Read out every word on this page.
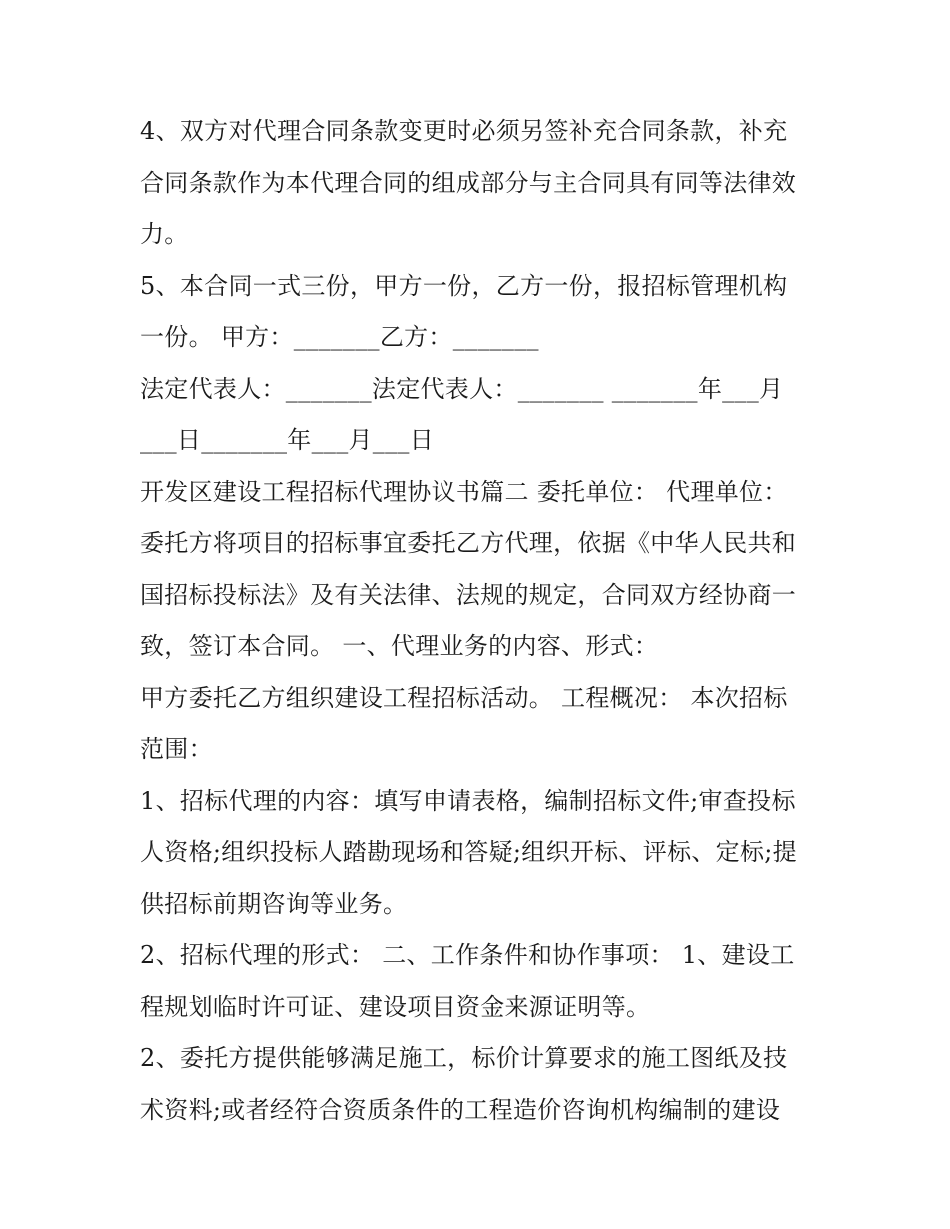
4、双方对代理合同条款变更时必须另签补充合同条款，补充
合同条款作为本代理合同的组成部分与主合同具有同等法律效
力。
5、本合同一式三份，甲方一份，乙方一份，报招标管理机构
一份。 甲方：_______乙方：_______
法定代表人：_______法定代表人：_______ _______年___月
___日_______年___月___日
开发区建设工程招标代理协议书篇二 委托单位： 代理单位：
委托方将项目的招标事宜委托乙方代理，依据《中华人民共和
国招标投标法》及有关法律、法规的规定，合同双方经协商一
致，签订本合同。 一、代理业务的内容、形式：
甲方委托乙方组织建设工程招标活动。 工程概况： 本次招标
范围：
1、招标代理的内容：填写申请表格，编制招标文件;审查投标
人资格;组织投标人踏勘现场和答疑;组织开标、评标、定标;提
供招标前期咨询等业务。
2、招标代理的形式： 二、工作条件和协作事项： 1、建设工
程规划临时许可证、建设项目资金来源证明等。
2、委托方提供能够满足施工，标价计算要求的施工图纸及技
术资料;或者经符合资质条件的工程造价咨询机构编制的建设
